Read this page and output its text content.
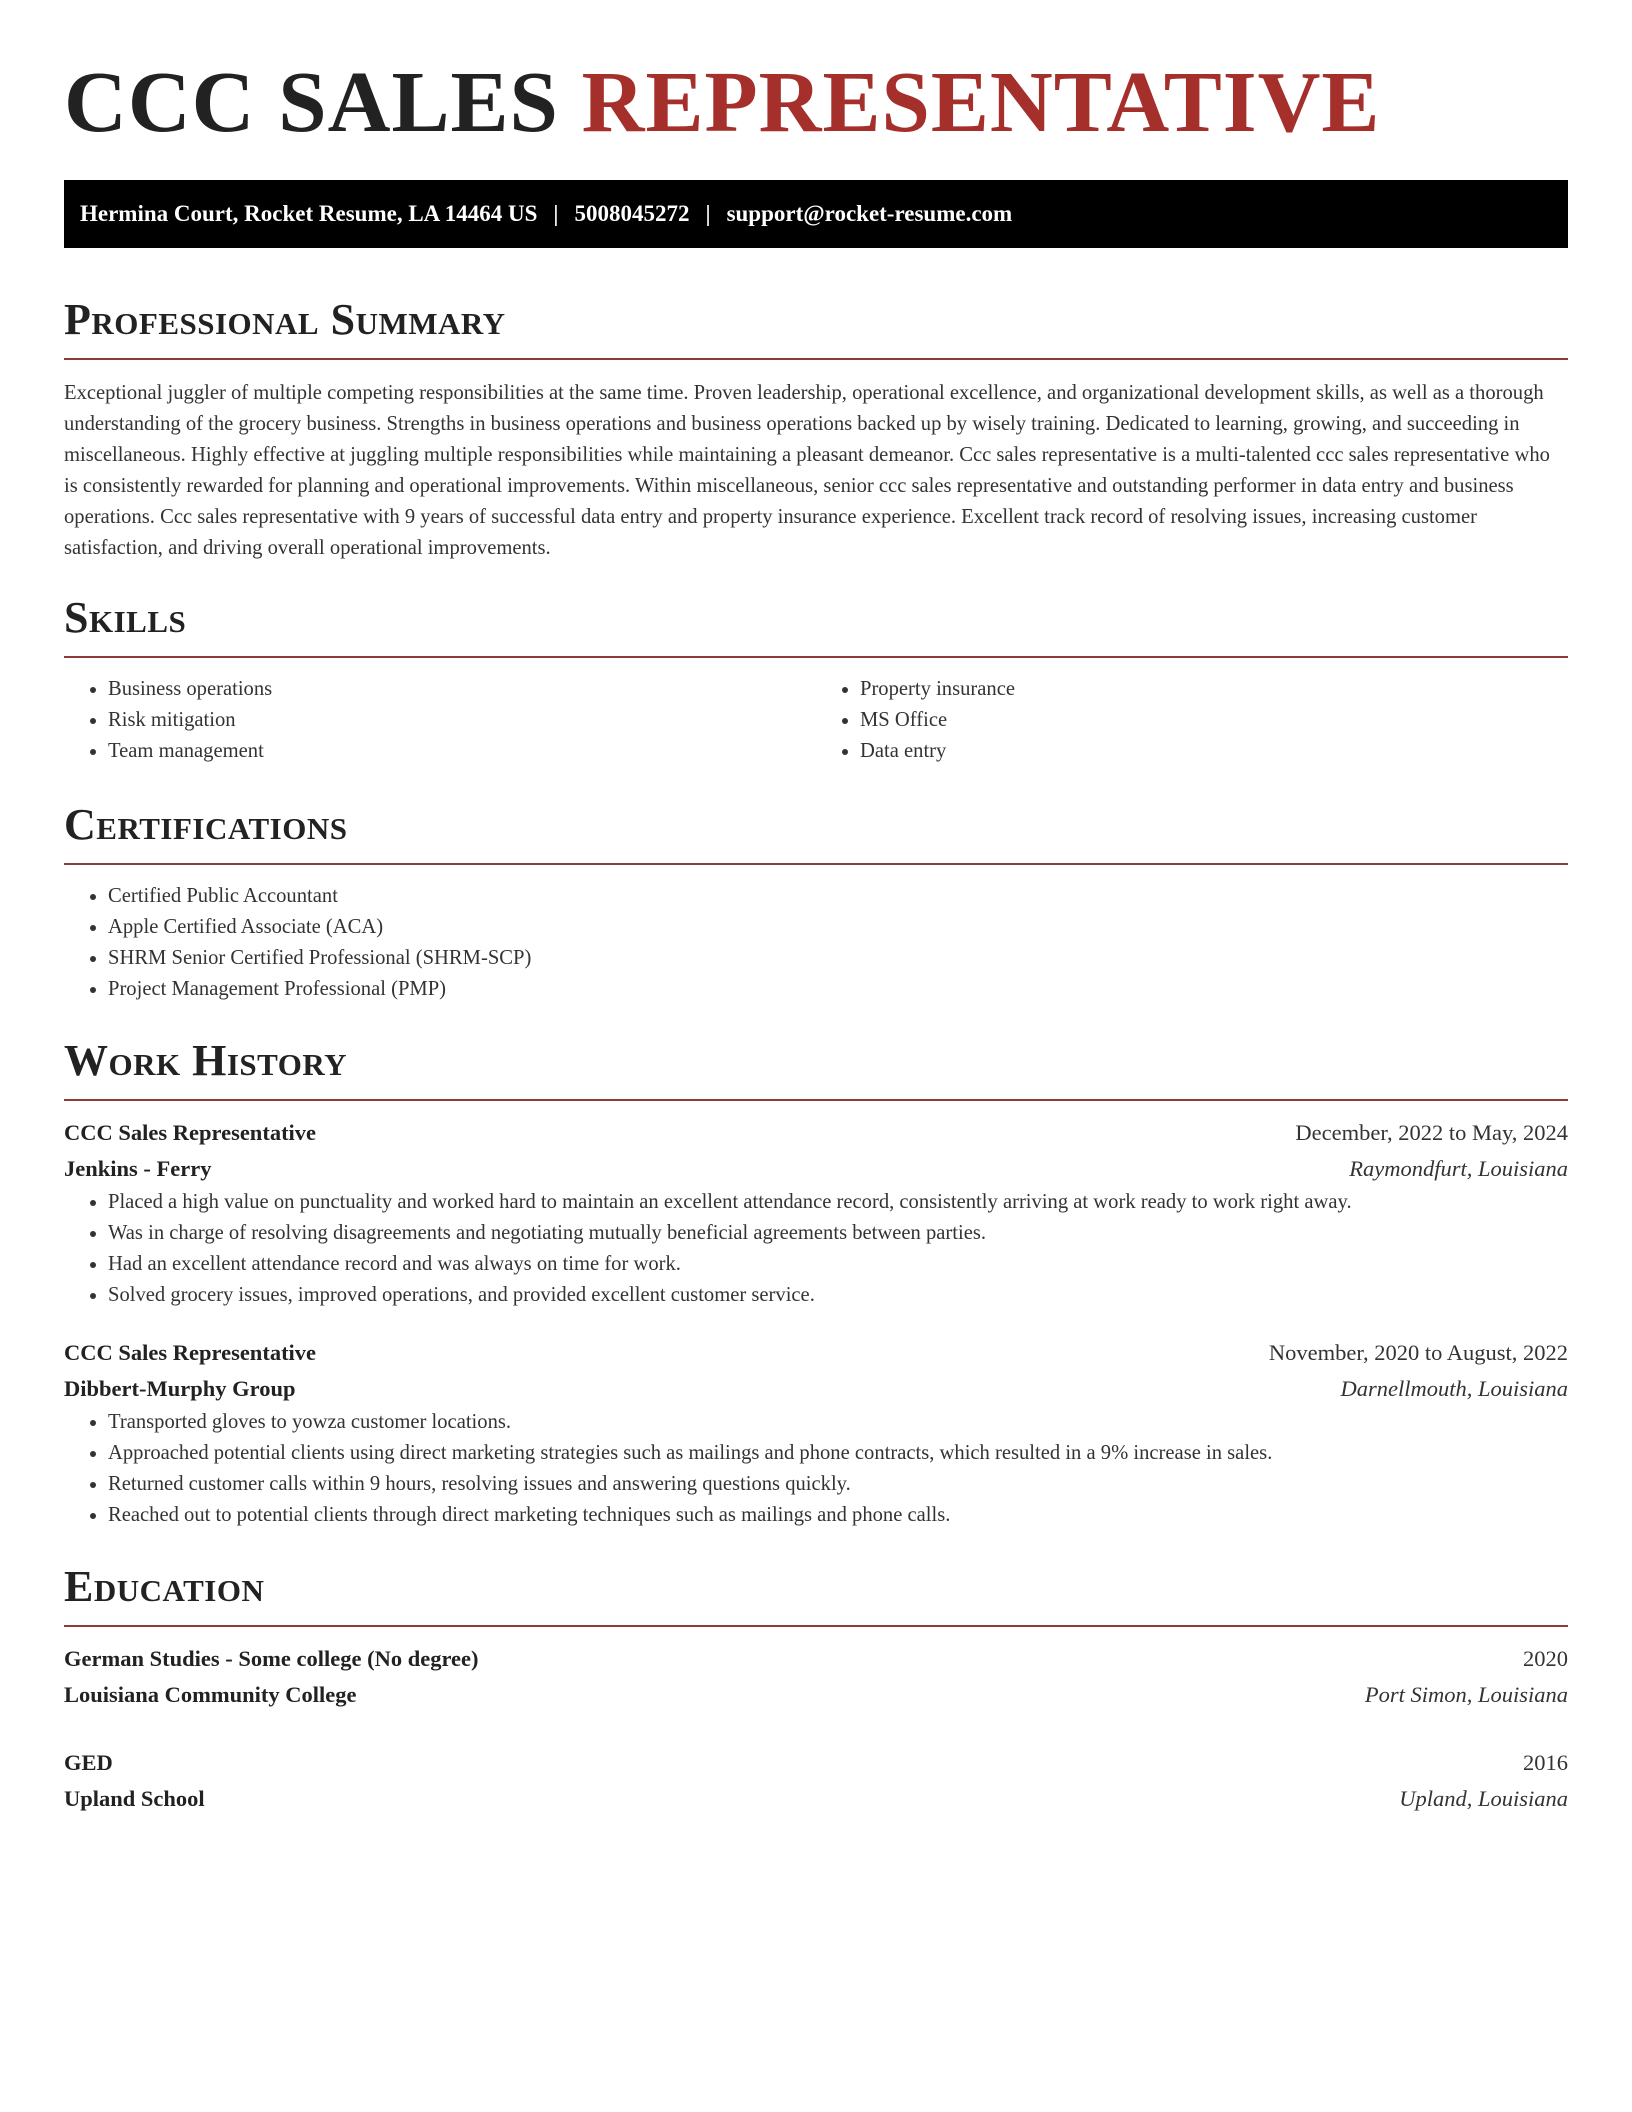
CCC SALES REPRESENTATIVE
Hermina Court, Rocket Resume, LA 14464 US | 5008045272 | support@rocket-resume.com
Professional Summary

Exceptional juggler of multiple competing responsibilities at the same time. Proven leadership, operational excellence, and organizational development skills, as well as a thorough understanding of the grocery business. Strengths in business operations and business operations backed up by wisely training. Dedicated to learning, growing, and succeeding in miscellaneous. Highly effective at juggling multiple responsibilities while maintaining a pleasant demeanor. Ccc sales representative is a multi-talented ccc sales representative who is consistently rewarded for planning and operational improvements. Within miscellaneous, senior ccc sales representative and outstanding performer in data entry and business operations. Ccc sales representative with 9 years of successful data entry and property insurance experience. Excellent track record of resolving issues, increasing customer satisfaction, and driving overall operational improvements.

Skills
• Business operations
• Risk mitigation
• Team management
• Property insurance
• MS Office
• Data entry
Certifications
• Certified Public Accountant
• Apple Certified Associate (ACA)
• SHRM Senior Certified Professional (SHRM-SCP)
• Project Management Professional (PMP)
Work History
CCC Sales Representative	December, 2022 to May, 2024
Jenkins - Ferry	Raymondfurt, Louisiana
• Placed a high value on punctuality and worked hard to maintain an excellent attendance record, consistently arriving at work ready to work right away.
• Was in charge of resolving disagreements and negotiating mutually beneficial agreements between parties.
• Had an excellent attendance record and was always on time for work.
• Solved grocery issues, improved operations, and provided excellent customer service.
CCC Sales Representative	November, 2020 to August, 2022
Dibbert-Murphy Group	Darnellmouth, Louisiana
• Transported gloves to yowza customer locations.
• Approached potential clients using direct marketing strategies such as mailings and phone contracts, which resulted in a 9% increase in sales.
• Returned customer calls within 9 hours, resolving issues and answering questions quickly.
• Reached out to potential clients through direct marketing techniques such as mailings and phone calls.
Education
German Studies - Some college (No degree)	2020
Louisiana Community College	Port Simon, Louisiana
GED	2016
Upland School	Upland, Louisiana
